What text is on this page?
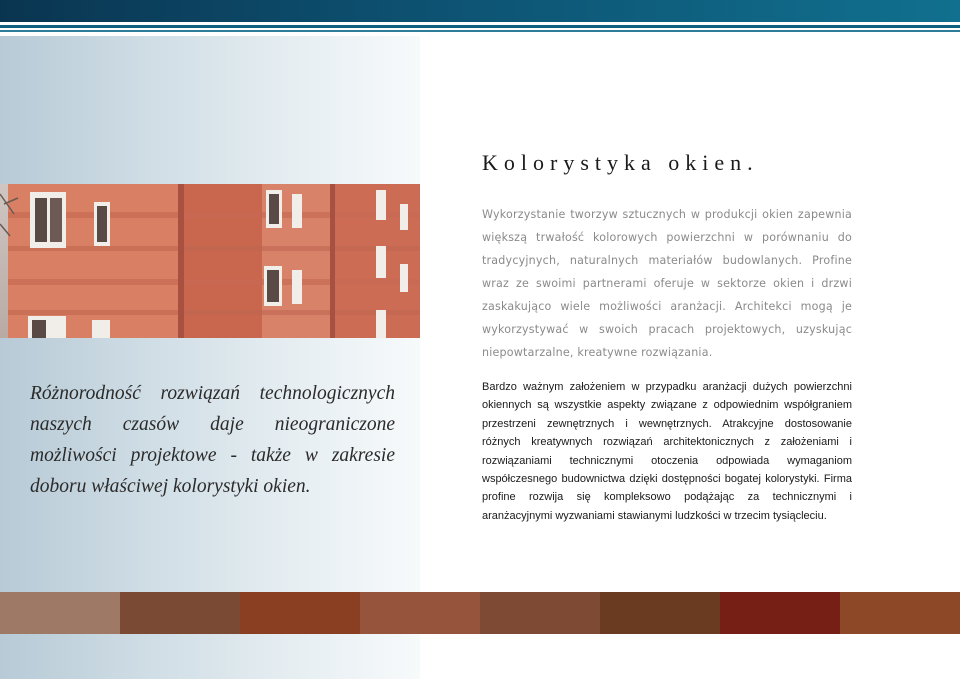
Kolorystyka okien.

Wykorzystanie tworzyw sztucznych w produkcji okien zapewnia większą trwałość kolorowych powierzchni w porównaniu do tradycyjnych, naturalnych materiałów budowlanych. Profine wraz ze swoimi partnerami oferuje w sektorze okien i drzwi zaskakująco wiele możliwości aranżacji. Architekci mogą je wykorzystywać w swoich pracach projektowych, uzyskując niepowtarzalne, kreatywne rozwiązania.

Różnorodność rozwiązań technologicznych naszych czasów daje nieograniczone możliwości projektowe - także w zakresie doboru właściwej kolorystyki okien.

Bardzo ważnym założeniem w przypadku aranżacji dużych powierzchni okiennych są wszystkie aspekty związane z odpowiednim współgraniem przestrzeni zewnętrznych i wewnętrznych. Atrakcyjne dostosowanie różnych kreatywnych rozwiązań architektonicznych z założeniami i rozwiązaniami technicznymi otoczenia odpowiada wymaganiom współczesnego budownictwa dzięki dostępności bogatej kolorystyki. Firma profine rozwija się kompleksowo podążając za technicznymi i aranżacyjnymi wyzwaniami stawianymi ludzkości w trzecim tysiącleciu.
